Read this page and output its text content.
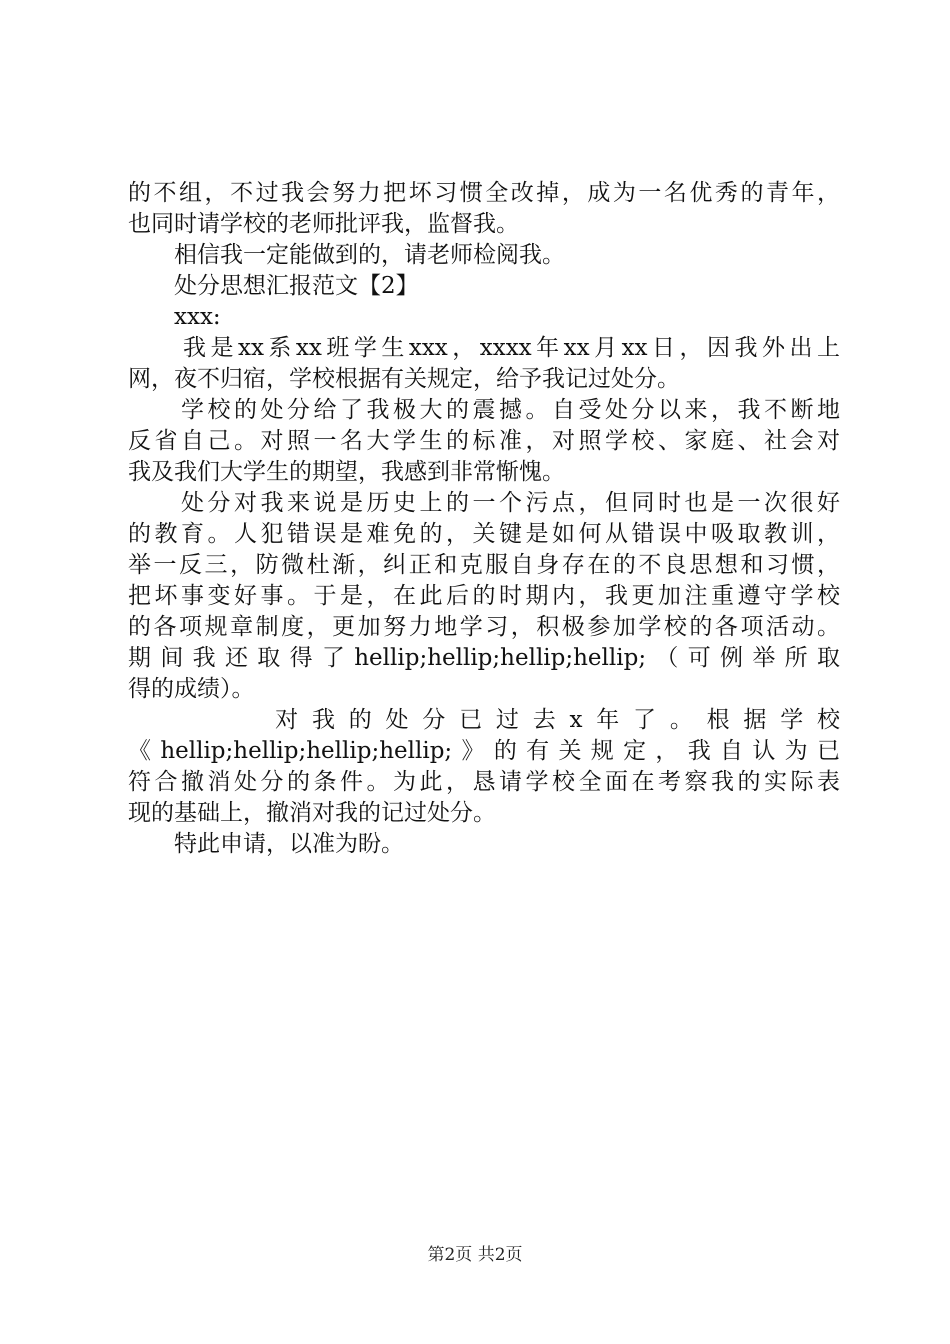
的不组，不过我会努力把坏习惯全改掉，成为一名优秀的青年，
也同时请学校的老师批评我，监督我。
　　相信我一定能做到的，请老师检阅我。
　　处分思想汇报范文【2】
　　xxx:
　　我是xx系xx班学生xxx，xxxx年xx月xx日，因我外出上
网，夜不归宿，学校根据有关规定，给予我记过处分。
　　学校的处分给了我极大的震撼。自受处分以来，我不断地
反省自己。对照一名大学生的标准，对照学校、家庭、社会对
我及我们大学生的期望，我感到非常惭愧。
　　处分对我来说是历史上的一个污点，但同时也是一次很好
的教育。人犯错误是难免的，关键是如何从错误中吸取教训，
举一反三，防微杜渐，纠正和克服自身存在的不良思想和习惯，
把坏事变好事。于是，在此后的时期内，我更加注重遵守学校
的各项规章制度，更加努力地学习，积极参加学校的各项活动。
期间我还取得了hellip;hellip;hellip;hellip;（可例举所取
得的成绩）。
　　　　对我的处分已过去x年了。根据学校
《hellip;hellip;hellip;hellip;》的有关规定，我自认为已
符合撤消处分的条件。为此，恳请学校全面在考察我的实际表
现的基础上，撤消对我的记过处分。
　　特此申请，以准为盼。
第2页 共2页
